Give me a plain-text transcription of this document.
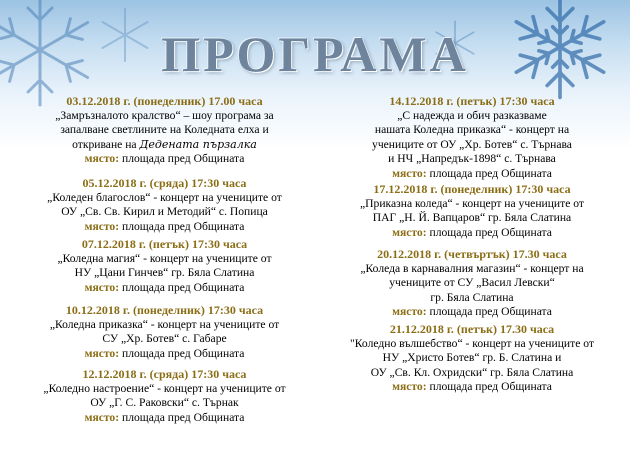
ПРОГРАМА
03.12.2018 г. (понеделник) 17.00 часа
„Замръзналото кралство“ – шоу програма за
запалване светлините на Коледната елха и
откриване на Дедената пързалка
място: площада пред Общината
05.12.2018 г. (сряда) 17:30 часа
„Коледен благослов“ - концерт на учениците от
ОУ „Св. Св. Кирил и Методий“ с. Попица
място: площада пред Общината
07.12.2018 г. (петък) 17:30 часа
„Коледна магия“ - концерт на учениците от
НУ „Цани Гинчев“ гр. Бяла Слатина
място: площада пред Общината
10.12.2018 г. (понеделник) 17:30 часа
„Коледна приказка“ - концерт на учениците от
СУ „Хр. Ботев“ с. Габаре
място: площада пред Общината
12.12.2018 г. (сряда) 17:30 часа
„Коледно настроение“ - концерт на учениците от
ОУ „Г. С. Раковски“ с. Търнак
място: площада пред Общината
14.12.2018 г. (петък) 17:30 часа
„С надежда и обич разказваме
нашата Коледна приказка“ - концерт на
учениците от ОУ „Хр. Ботев“ с. Търнава
и НЧ „Напредък-1898“ с. Търнава
място: площада пред Общината
17.12.2018 г. (понеделник) 17:30 часа
„Приказна коледа“ - концерт на учениците от
ПАГ „Н. Й. Вапцаров“ гр. Бяла Слатина
място: площада пред Общината
20.12.2018 г. (четвъртък) 17.30 часа
„Коледа в карнавалния магазин“ - концерт на
учениците от СУ „Васил Левски“
гр. Бяла Слатина
място: площада пред Общината
21.12.2018 г. (петък) 17.30 часа
"Коледно вълшебство“ - концерт на учениците от
НУ „Христо Ботев“ гр. Б. Слатина и
ОУ „Св. Кл. Охридски“ гр. Бяла Слатина
място: площада пред Общината
